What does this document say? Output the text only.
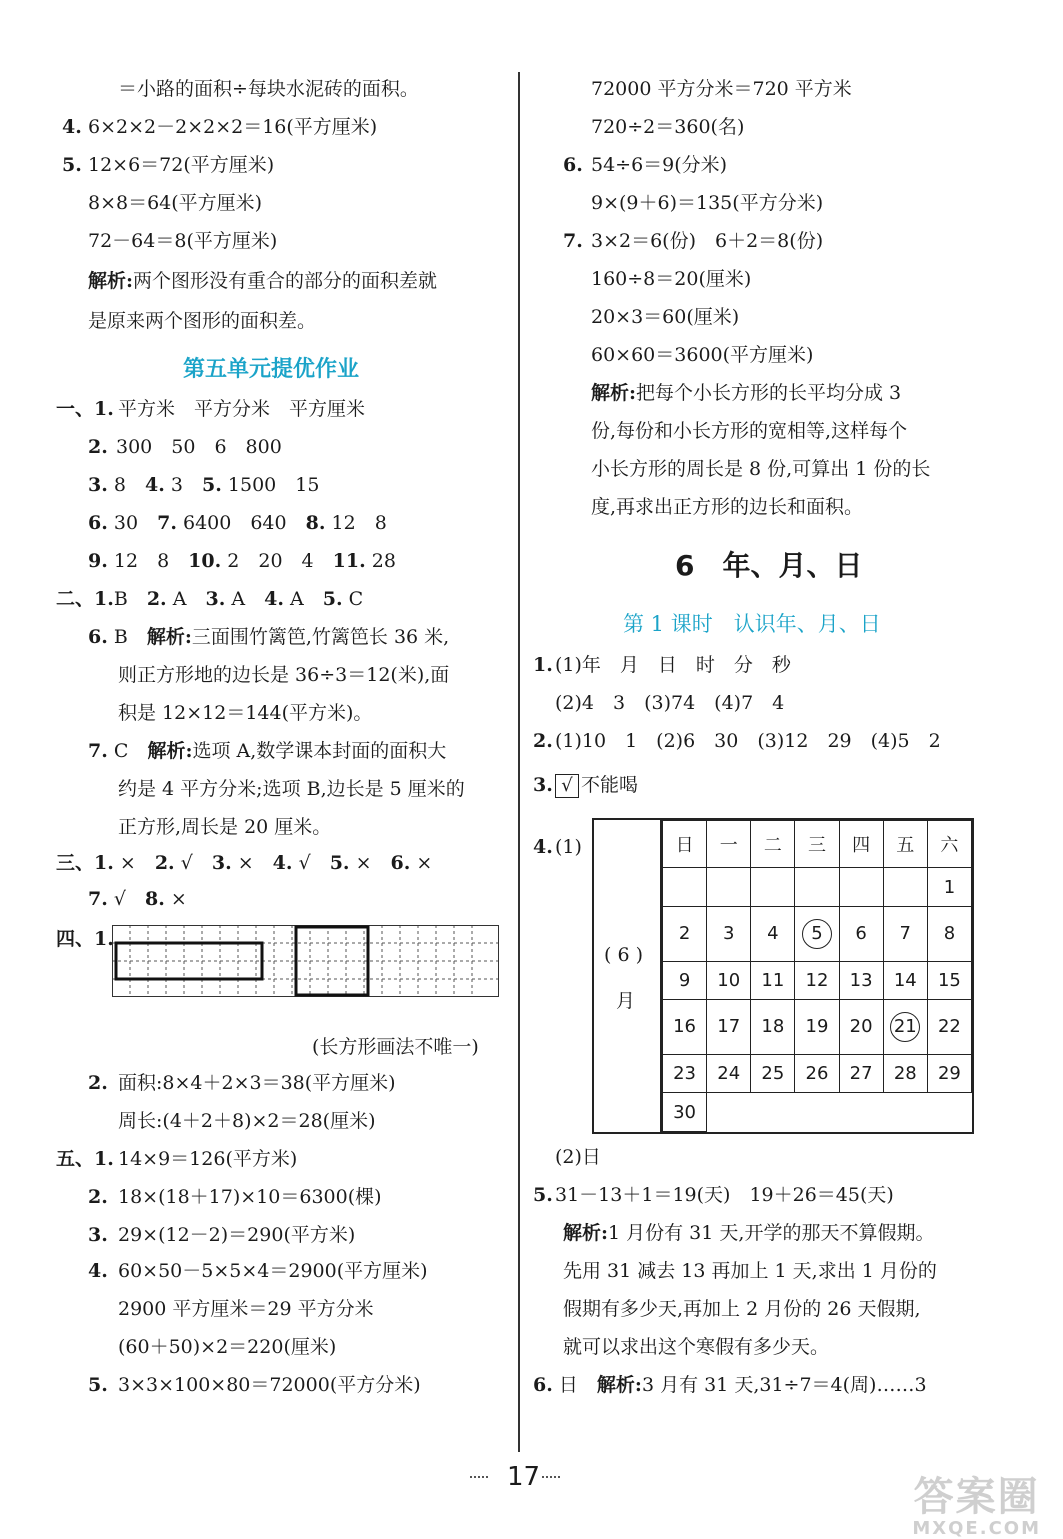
＝小路的面积÷每块水泥砖的面积。
4. 6×2×2－2×2×2＝16(平方厘米)
5. 12×6＝72(平方厘米)
8×8＝64(平方厘米)
72－64＝8(平方厘米)
解析:两个图形没有重合的部分的面积差就
是原来两个图形的面积差。
第五单元提优作业
一、1. 平方米　平方分米　平方厘米
2. 300　50　6　800
3. 8　 4. 3　 5. 1500　15
6. 30　 7. 6400　640　 8. 12　8
9. 12　8　 10. 2　20　4　 11. 28
二、1.B　 2. A　 3. A　 4. A　 5. C
6. B　 解析:三面围竹篱笆,竹篱笆长 36 米,
则正方形地的边长是 36÷3＝12(米),面
积是 12×12＝144(平方米)。
7. C　 解析:选项 A,数学课本封面的面积大
约是 4 平方分米;选项 B,边长是 5 厘米的
正方形,周长是 20 厘米。
三、1. ×　 2. √　 3. ×　 4. √　 5. ×　 6. ×
7. √　 8. ×
四、1.
(长方形画法不唯一)
2. 面积:8×4＋2×3＝38(平方厘米)
周长:(4＋2＋8)×2＝28(厘米)
五、1. 14×9＝126(平方米)
2. 18×(18＋17)×10＝6300(棵)
3. 29×(12－2)＝290(平方米)
4. 60×50－5×5×4＝2900(平方厘米)
2900 平方厘米＝29 平方分米
(60＋50)×2＝220(厘米)
5. 3×3×100×80＝72000(平方分米)
72000 平方分米＝720 平方米
720÷2＝360(名)
6. 54÷6＝9(分米)
9×(9＋6)＝135(平方分米)
7. 3×2＝6(份)　6＋2＝8(份)
160÷8＝20(厘米)
20×3＝60(厘米)
60×60＝3600(平方厘米)
解析:把每个小长方形的长平均分成 3
份,每份和小长方形的宽相等,这样每个
小长方形的周长是 8 份,可算出 1 份的长
度,再求出正方形的边长和面积。
6　年、月、日
第 1 课时　认识年、月、日
1. (1)年　月　日　时　分　秒
(2)4　3　(3)74　(4)7　4
2. (1)10　1　(2)6　30　(3)12　29　(4)5　2
3. √ 不能喝
4. (1)
(2)日
5. 31－13＋1＝19(天)　19＋26＝45(天)
解析:1 月份有 31 天,开学的那天不算假期。
先用 31 减去 13 再加上 1 天,求出 1 月份的
假期有多少天,再加上 2 月份的 26 天假期,
就可以求出这个寒假有多少天。
6. 日　 解析:3 月有 31 天,31÷7＝4(周)……3
( 6 )
月
日	一	二	三	四	五	六
						1
2	3	4	5	6	7	8
9	10	11	12	13	14	15
16	17	18	19	20	21	22
23	24	25	26	27	28	29
30						
17	答案圈
MXQE.COM
